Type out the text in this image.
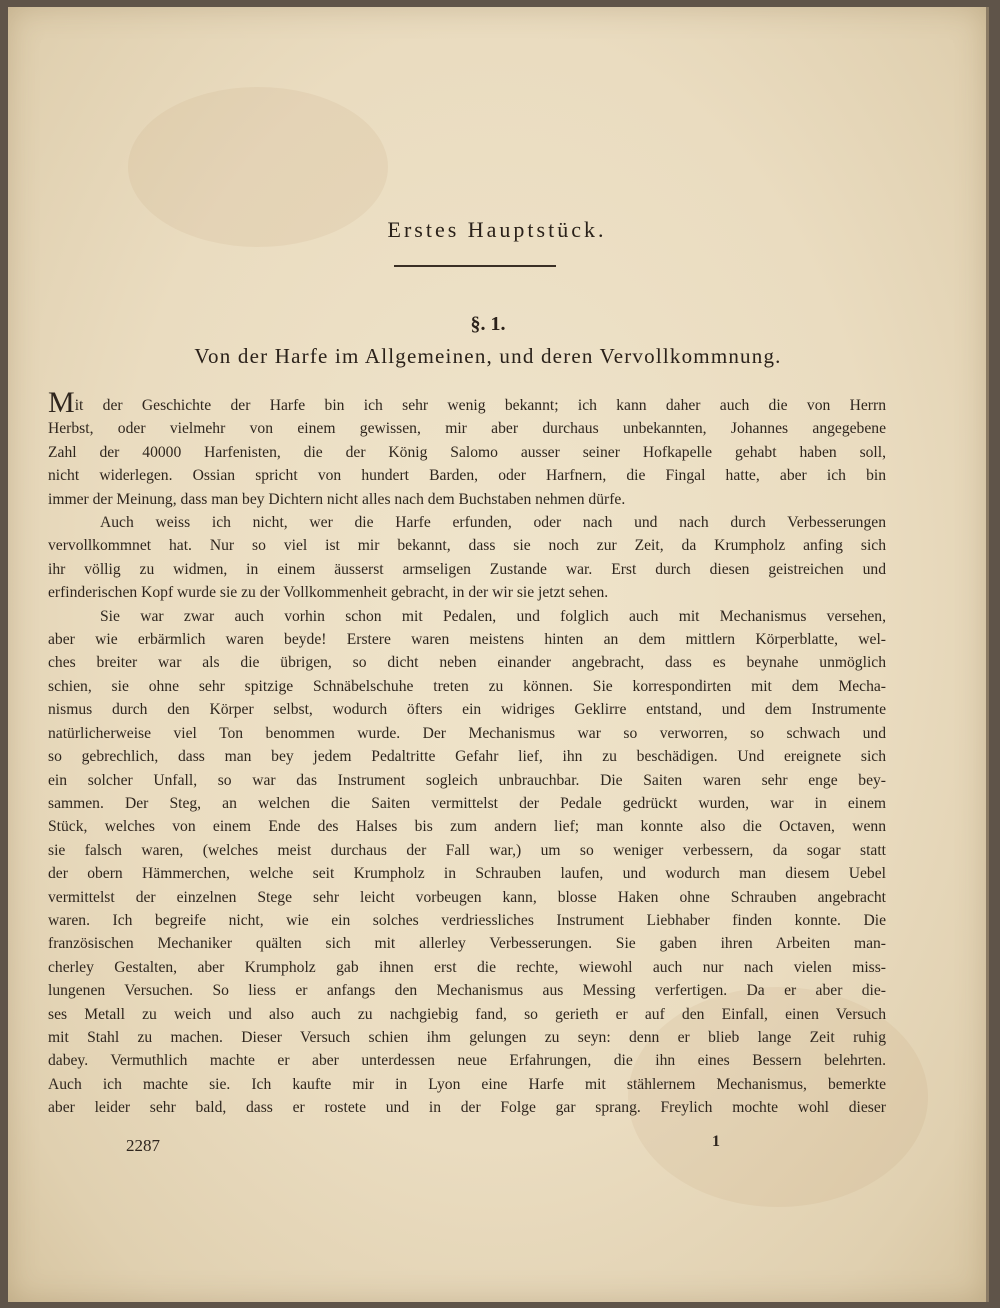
Erstes Hauptstück.
§. 1.
Von der Harfe im Allgemeinen, und deren Vervollkommnung.
Mit der Geschichte der Harfe bin ich sehr wenig bekannt; ich kann daher auch die von Herrn
Herbst, oder vielmehr von einem gewissen, mir aber durchaus unbekannten, Johannes angegebene
Zahl der 40000 Harfenisten, die der König Salomo ausser seiner Hofkapelle gehabt haben soll,
nicht widerlegen. Ossian spricht von hundert Barden, oder Harfnern, die Fingal hatte, aber ich bin
immer der Meinung, dass man bey Dichtern nicht alles nach dem Buchstaben nehmen dürfe.
Auch weiss ich nicht, wer die Harfe erfunden, oder nach und nach durch Verbesserungen
vervollkommnet hat. Nur so viel ist mir bekannt, dass sie noch zur Zeit, da Krumpholz anfing sich
ihr völlig zu widmen, in einem äusserst armseligen Zustande war. Erst durch diesen geistreichen und
erfinderischen Kopf wurde sie zu der Vollkommenheit gebracht, in der wir sie jetzt sehen.
Sie war zwar auch vorhin schon mit Pedalen, und folglich auch mit Mechanismus versehen,
aber wie erbärmlich waren beyde! Erstere waren meistens hinten an dem mittlern Körperblatte, wel-
ches breiter war als die übrigen, so dicht neben einander angebracht, dass es beynahe unmöglich
schien, sie ohne sehr spitzige Schnäbelschuhe treten zu können. Sie korrespondirten mit dem Mecha-
nismus durch den Körper selbst, wodurch öfters ein widriges Geklirre entstand, und dem Instrumente
natürlicherweise viel Ton benommen wurde. Der Mechanismus war so verworren, so schwach und
so gebrechlich, dass man bey jedem Pedaltritte Gefahr lief, ihn zu beschädigen. Und ereignete sich
ein solcher Unfall, so war das Instrument sogleich unbrauchbar. Die Saiten waren sehr enge bey-
sammen. Der Steg, an welchen die Saiten vermittelst der Pedale gedrückt wurden, war in einem
Stück, welches von einem Ende des Halses bis zum andern lief; man konnte also die Octaven, wenn
sie falsch waren, (welches meist durchaus der Fall war,) um so weniger verbessern, da sogar statt
der obern Hämmerchen, welche seit Krumpholz in Schrauben laufen, und wodurch man diesem Uebel
vermittelst der einzelnen Stege sehr leicht vorbeugen kann, blosse Haken ohne Schrauben angebracht
waren. Ich begreife nicht, wie ein solches verdriessliches Instrument Liebhaber finden konnte. Die
französischen Mechaniker quälten sich mit allerley Verbesserungen. Sie gaben ihren Arbeiten man-
cherley Gestalten, aber Krumpholz gab ihnen erst die rechte, wiewohl auch nur nach vielen miss-
lungenen Versuchen. So liess er anfangs den Mechanismus aus Messing verfertigen. Da er aber die-
ses Metall zu weich und also auch zu nachgiebig fand, so gerieth er auf den Einfall, einen Versuch
mit Stahl zu machen. Dieser Versuch schien ihm gelungen zu seyn: denn er blieb lange Zeit ruhig
dabey. Vermuthlich machte er aber unterdessen neue Erfahrungen, die ihn eines Bessern belehrten.
Auch ich machte sie. Ich kaufte mir in Lyon eine Harfe mit stählernem Mechanismus, bemerkte
aber leider sehr bald, dass er rostete und in der Folge gar sprang. Freylich mochte wohl dieser
2287	1
